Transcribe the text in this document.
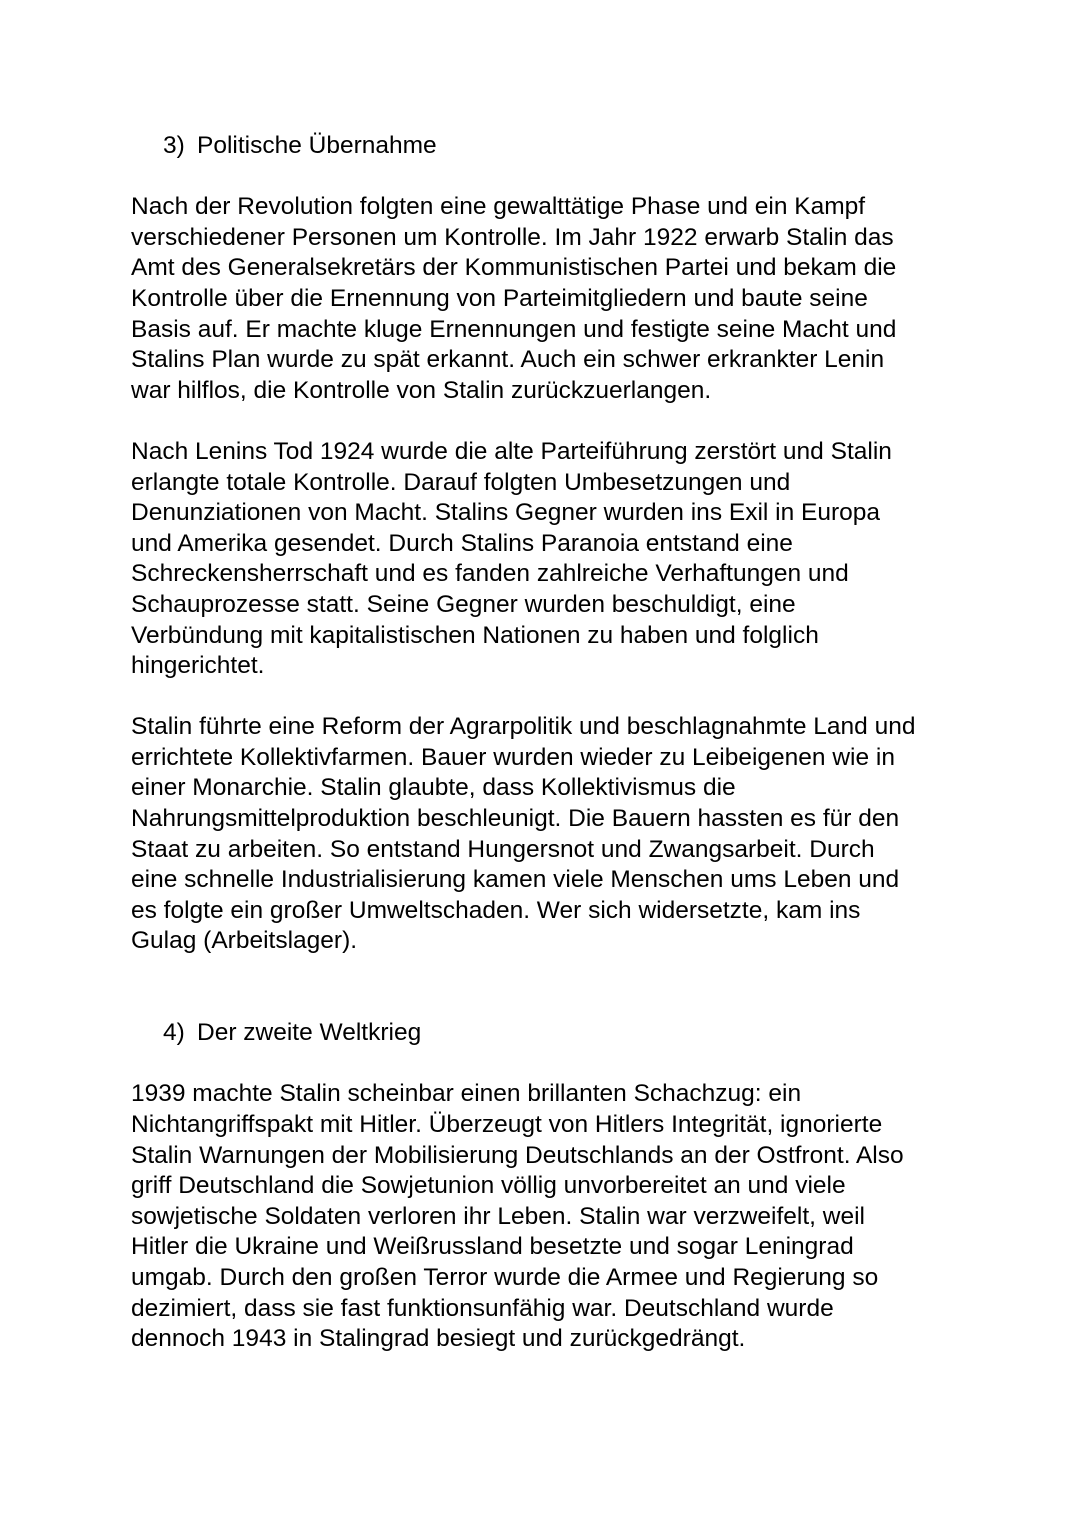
3) Politische Übernahme
Nach der Revolution folgten eine gewalttätige Phase und ein Kampf
verschiedener Personen um Kontrolle. Im Jahr 1922 erwarb Stalin das
Amt des Generalsekretärs der Kommunistischen Partei und bekam die
Kontrolle über die Ernennung von Parteimitgliedern und baute seine
Basis auf. Er machte kluge Ernennungen und festigte seine Macht und
Stalins Plan wurde zu spät erkannt. Auch ein schwer erkrankter Lenin
war hilflos, die Kontrolle von Stalin zurückzuerlangen.
Nach Lenins Tod 1924 wurde die alte Parteiführung zerstört und Stalin
erlangte totale Kontrolle. Darauf folgten Umbesetzungen und
Denunziationen von Macht. Stalins Gegner wurden ins Exil in Europa
und Amerika gesendet. Durch Stalins Paranoia entstand eine
Schreckensherrschaft und es fanden zahlreiche Verhaftungen und
Schauprozesse statt. Seine Gegner wurden beschuldigt, eine
Verbündung mit kapitalistischen Nationen zu haben und folglich
hingerichtet.
Stalin führte eine Reform der Agrarpolitik und beschlagnahmte Land und
errichtete Kollektivfarmen. Bauer wurden wieder zu Leibeigenen wie in
einer Monarchie. Stalin glaubte, dass Kollektivismus die
Nahrungsmittelproduktion beschleunigt. Die Bauern hassten es für den
Staat zu arbeiten. So entstand Hungersnot und Zwangsarbeit. Durch
eine schnelle Industrialisierung kamen viele Menschen ums Leben und
es folgte ein großer Umweltschaden. Wer sich widersetzte, kam ins
Gulag (Arbeitslager).
4) Der zweite Weltkrieg
1939 machte Stalin scheinbar einen brillanten Schachzug: ein
Nichtangriffspakt mit Hitler. Überzeugt von Hitlers Integrität, ignorierte
Stalin Warnungen der Mobilisierung Deutschlands an der Ostfront. Also
griff Deutschland die Sowjetunion völlig unvorbereitet an und viele
sowjetische Soldaten verloren ihr Leben. Stalin war verzweifelt, weil
Hitler die Ukraine und Weißrussland besetzte und sogar Leningrad
umgab. Durch den großen Terror wurde die Armee und Regierung so
dezimiert, dass sie fast funktionsunfähig war. Deutschland wurde
dennoch 1943 in Stalingrad besiegt und zurückgedrängt.
